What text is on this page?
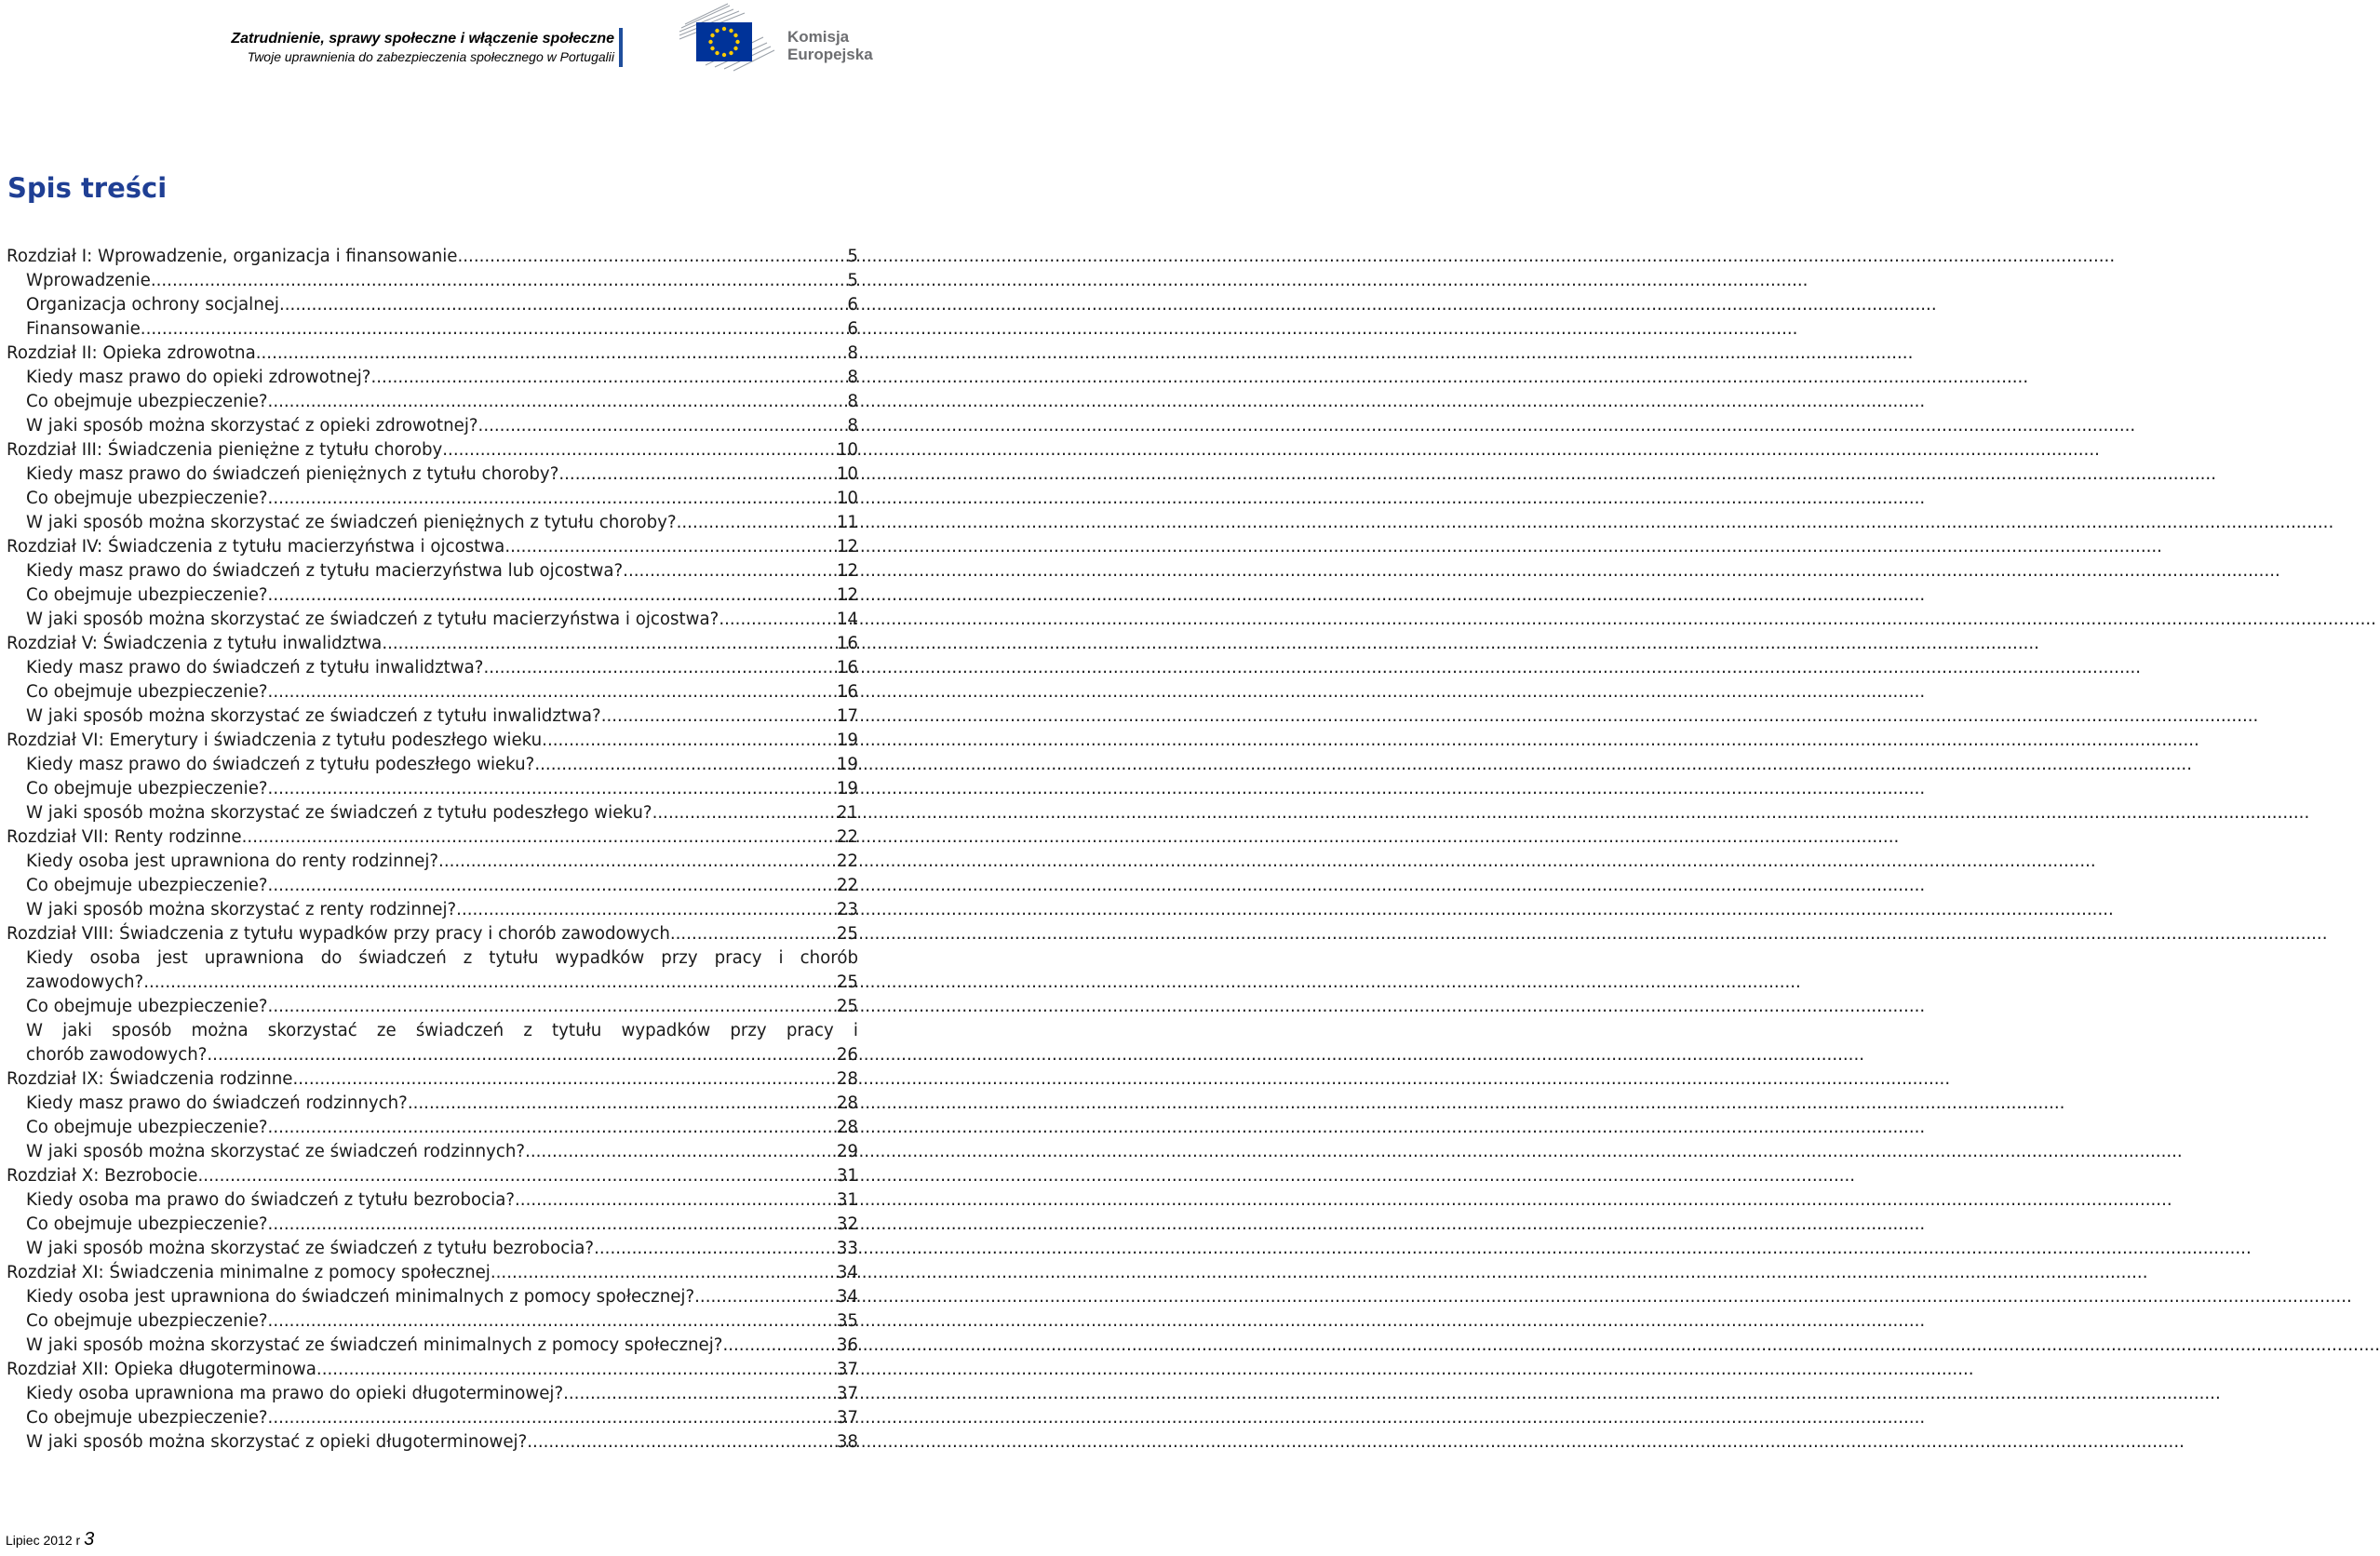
Zatrudnienie, sprawy społeczne i włączenie społeczne
Twoje uprawnienia do zabezpieczenia społecznego w Portugalii
Komisja
Europejska
Spis treści
Rozdział I: Wprowadzenie, organizacja i finansowanie .....	5
Wprowadzenie .....	5
Organizacja ochrony socjalnej .....	6
Finansowanie .....	6
Rozdział II: Opieka zdrowotna .....	8
Kiedy masz prawo do opieki zdrowotnej? .....	8
Co obejmuje ubezpieczenie? .....	8
W jaki sposób można skorzystać z opieki zdrowotnej? .....	8
Rozdział III: Świadczenia pieniężne z tytułu choroby .....	10
Kiedy masz prawo do świadczeń pieniężnych z tytułu choroby? .....	10
Co obejmuje ubezpieczenie? .....	10
W jaki sposób można skorzystać ze świadczeń pieniężnych z tytułu choroby? .....	11
Rozdział IV: Świadczenia z tytułu macierzyństwa i ojcostwa .....	12
Kiedy masz prawo do świadczeń z tytułu macierzyństwa lub ojcostwa? .....	12
Co obejmuje ubezpieczenie? .....	12
W jaki sposób można skorzystać ze świadczeń z tytułu macierzyństwa i ojcostwa? .....	14
Rozdział V: Świadczenia z tytułu inwalidztwa .....	16
Kiedy masz prawo do świadczeń z tytułu inwalidztwa? .....	16
Co obejmuje ubezpieczenie? .....	16
W jaki sposób można skorzystać ze świadczeń z tytułu inwalidztwa? .....	17
Rozdział VI: Emerytury i świadczenia z tytułu podeszłego wieku .....	19
Kiedy masz prawo do świadczeń z tytułu podeszłego wieku? .....	19
Co obejmuje ubezpieczenie? .....	19
W jaki sposób można skorzystać ze świadczeń z tytułu podeszłego wieku? .....	21
Rozdział VII: Renty rodzinne .....	22
Kiedy osoba jest uprawniona do renty rodzinnej? .....	22
Co obejmuje ubezpieczenie? .....	22
W jaki sposób można skorzystać z renty rodzinnej? .....	23
Rozdział VIII: Świadczenia z tytułu wypadków przy pracy i chorób zawodowych .....	25
Kiedy osoba jest uprawniona do świadczeń z tytułu wypadków przy pracy i chorób
zawodowych? .....	25
Co obejmuje ubezpieczenie? .....	25
W jaki sposób można skorzystać ze świadczeń z tytułu wypadków przy pracy i
chorób zawodowych? .....	26
Rozdział IX: Świadczenia rodzinne .....	28
Kiedy masz prawo do świadczeń rodzinnych? .....	28
Co obejmuje ubezpieczenie? .....	28
W jaki sposób można skorzystać ze świadczeń rodzinnych? .....	29
Rozdział X: Bezrobocie .....	31
Kiedy osoba ma prawo do świadczeń z tytułu bezrobocia? .....	31
Co obejmuje ubezpieczenie? .....	32
W jaki sposób można skorzystać ze świadczeń z tytułu bezrobocia? .....	33
Rozdział XI: Świadczenia minimalne z pomocy społecznej .....	34
Kiedy osoba jest uprawniona do świadczeń minimalnych z pomocy społecznej? .....	34
Co obejmuje ubezpieczenie? .....	35
W jaki sposób można skorzystać ze świadczeń minimalnych z pomocy społecznej? .....	36
Rozdział XII: Opieka długoterminowa .....	37
Kiedy osoba uprawniona ma prawo do opieki długoterminowej? .....	37
Co obejmuje ubezpieczenie? .....	37
W jaki sposób można skorzystać z opieki długoterminowej? .....	38
Lipiec 2012 r 3
